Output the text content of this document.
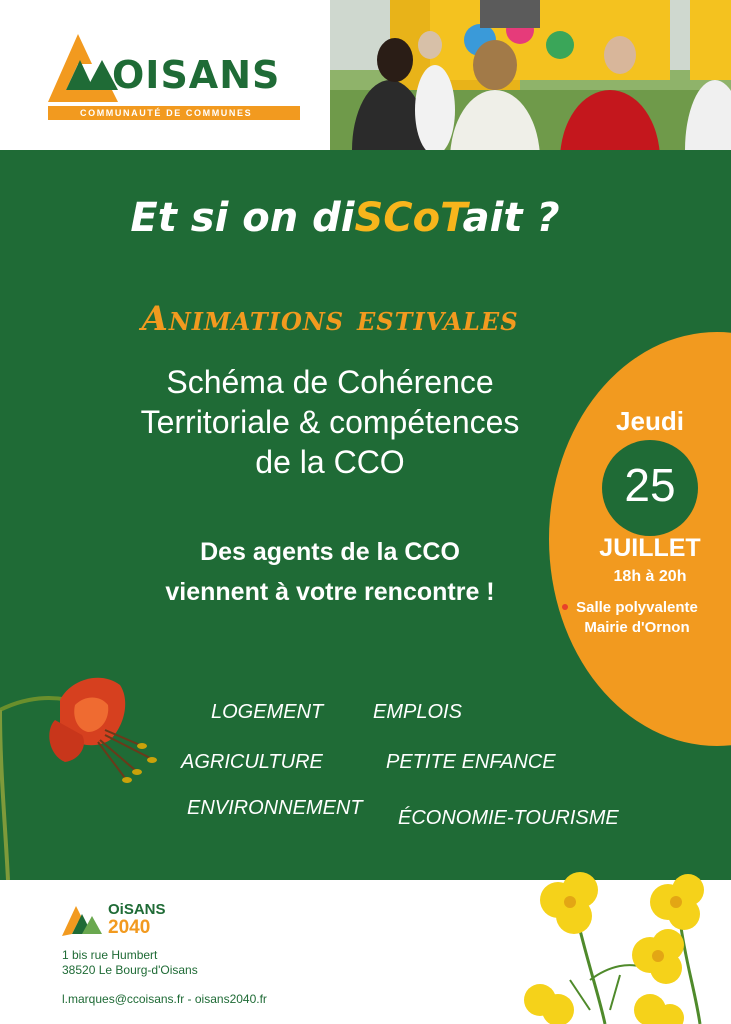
OISANS
COMMUNAUTÉ DE COMMUNES
Et si on diSCoTait ?
Animations estivales
Schéma de Cohérence
Territoriale & compétences
de la CCO
Des agents de la CCO
viennent à votre rencontre !
Jeudi
25
JUILLET
18h à 20h
Salle polyvalente
Mairie d'Ornon
LOGEMENT EMPLOIS
AGRICULTURE	PETITE ENFANCE
ENVIRONNEMENT ÉCONOMIE-TOURISME
OiSANS
2040
1 bis rue Humbert
38520 Le Bourg-d'Oisans
l.marques@ccoisans.fr - oisans2040.fr
